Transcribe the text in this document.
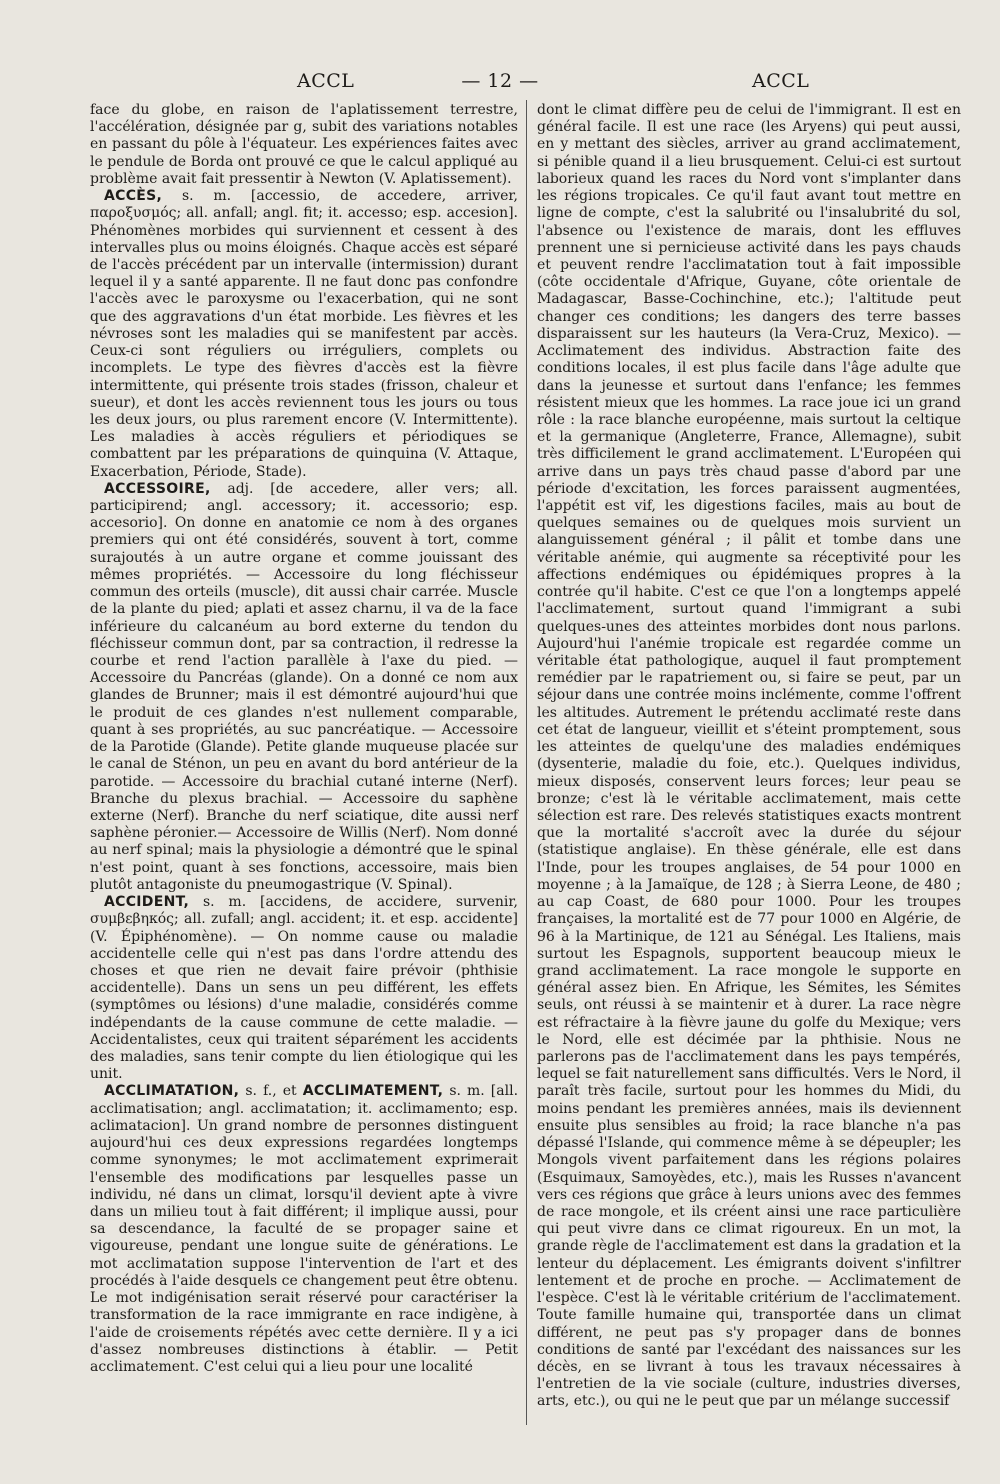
ACCL	— 12 —	ACCL

face du globe, en raison de l'aplatissement terrestre, l'accélération, désignée par g, subit des variations notables en passant du pôle à l'équateur. Les expériences faites avec le pendule de Borda ont prouvé ce que le calcul appliqué au problème avait fait pressentir à Newton (V. Aplatissement).

ACCÈS, s. m. [accessio, de accedere, arriver, παροξυσμός; all. anfall; angl. fit; it. accesso; esp. accesion]. Phénomènes morbides qui surviennent et cessent à des intervalles plus ou moins éloignés. Chaque accès est séparé de l'accès précédent par un intervalle (intermission) durant lequel il y a santé apparente. Il ne faut donc pas confondre l'accès avec le paroxysme ou l'exacerbation, qui ne sont que des aggravations d'un état morbide. Les fièvres et les névroses sont les maladies qui se manifestent par accès. Ceux-ci sont réguliers ou irréguliers, complets ou incomplets. Le type des fièvres d'accès est la fièvre intermittente, qui présente trois stades (frisson, chaleur et sueur), et dont les accès reviennent tous les jours ou tous les deux jours, ou plus rarement encore (V. Intermittente). Les maladies à accès réguliers et périodiques se combattent par les préparations de quinquina (V. Attaque, Exacerbation, Période, Stade).

ACCESSOIRE, adj. [de accedere, aller vers; all. participirend; angl. accessory; it. accessorio; esp. accesorio]. On donne en anatomie ce nom à des organes premiers qui ont été considérés, souvent à tort, comme surajoutés à un autre organe et comme jouissant des mêmes propriétés. — Accessoire du long fléchisseur commun des orteils (muscle), dit aussi chair carrée. Muscle de la plante du pied; aplati et assez charnu, il va de la face inférieure du calcanéum au bord externe du tendon du fléchisseur commun dont, par sa contraction, il redresse la courbe et rend l'action parallèle à l'axe du pied. — Accessoire du Pancréas (glande). On a donné ce nom aux glandes de Brunner; mais il est démontré aujourd'hui que le produit de ces glandes n'est nullement comparable, quant à ses propriétés, au suc pancréatique. — Accessoire de la Parotide (Glande). Petite glande muqueuse placée sur le canal de Sténon, un peu en avant du bord antérieur de la parotide. — Accessoire du brachial cutané interne (Nerf). Branche du plexus brachial. — Accessoire du saphène externe (Nerf). Branche du nerf sciatique, dite aussi nerf saphène péronier.— Accessoire de Willis (Nerf). Nom donné au nerf spinal; mais la physiologie a démontré que le spinal n'est point, quant à ses fonctions, accessoire, mais bien plutôt antagoniste du pneumogastrique (V. Spinal).

ACCIDENT, s. m. [accidens, de accidere, survenir, συμβεβηκός; all. zufall; angl. accident; it. et esp. accidente] (V. Épiphénomène). — On nomme cause ou maladie accidentelle celle qui n'est pas dans l'ordre attendu des choses et que rien ne devait faire prévoir (phthisie accidentelle). Dans un sens un peu différent, les effets (symptômes ou lésions) d'une maladie, considérés comme indépendants de la cause commune de cette maladie. — Accidentalistes, ceux qui traitent séparément les accidents des maladies, sans tenir compte du lien étiologique qui les unit.

ACCLIMATATION, s. f., et ACCLIMATEMENT, s. m. [all. acclimatisation; angl. acclimatation; it. acclimamento; esp. aclimatacion]. Un grand nombre de personnes distinguent aujourd'hui ces deux expressions regardées longtemps comme synonymes; le mot acclimatement exprimerait l'ensemble des modifications par lesquelles passe un individu, né dans un climat, lorsqu'il devient apte à vivre dans un milieu tout à fait différent; il implique aussi, pour sa descendance, la faculté de se propager saine et vigoureuse, pendant une longue suite de générations. Le mot acclimatation suppose l'intervention de l'art et des procédés à l'aide desquels ce changement peut être obtenu. Le mot indigénisation serait réservé pour caractériser la transformation de la race immigrante en race indigène, à l'aide de croisements répétés avec cette dernière. Il y a ici d'assez nombreuses distinctions à établir. — Petit acclimatement. C'est celui qui a lieu pour une localité

dont le climat diffère peu de celui de l'immigrant. Il est en général facile. Il est une race (les Aryens) qui peut aussi, en y mettant des siècles, arriver au grand acclimatement, si pénible quand il a lieu brusquement. Celui-ci est surtout laborieux quand les races du Nord vont s'implanter dans les régions tropicales. Ce qu'il faut avant tout mettre en ligne de compte, c'est la salubrité ou l'insalubrité du sol, l'absence ou l'existence de marais, dont les effluves prennent une si pernicieuse activité dans les pays chauds et peuvent rendre l'acclimatation tout à fait impossible (côte occidentale d'Afrique, Guyane, côte orientale de Madagascar, Basse-Cochinchine, etc.); l'altitude peut changer ces conditions; les dangers des terre basses disparaissent sur les hauteurs (la Vera-Cruz, Mexico). — Acclimatement des individus. Abstraction faite des conditions locales, il est plus facile dans l'âge adulte que dans la jeunesse et surtout dans l'enfance; les femmes résistent mieux que les hommes. La race joue ici un grand rôle : la race blanche européenne, mais surtout la celtique et la germanique (Angleterre, France, Allemagne), subit très difficilement le grand acclimatement. L'Européen qui arrive dans un pays très chaud passe d'abord par une période d'excitation, les forces paraissent augmentées, l'appétit est vif, les digestions faciles, mais au bout de quelques semaines ou de quelques mois survient un alanguissement général ; il pâlit et tombe dans une véritable anémie, qui augmente sa réceptivité pour les affections endémiques ou épidémiques propres à la contrée qu'il habite. C'est ce que l'on a longtemps appelé l'acclimatement, surtout quand l'immigrant a subi quelques-unes des atteintes morbides dont nous parlons. Aujourd'hui l'anémie tropicale est regardée comme un véritable état pathologique, auquel il faut promptement remédier par le rapatriement ou, si faire se peut, par un séjour dans une contrée moins inclémente, comme l'offrent les altitudes. Autrement le prétendu acclimaté reste dans cet état de langueur, vieillit et s'éteint promptement, sous les atteintes de quelqu'une des maladies endémiques (dysenterie, maladie du foie, etc.). Quelques individus, mieux disposés, conservent leurs forces; leur peau se bronze; c'est là le véritable acclimatement, mais cette sélection est rare. Des relevés statistiques exacts montrent que la mortalité s'accroît avec la durée du séjour (statistique anglaise). En thèse générale, elle est dans l'Inde, pour les troupes anglaises, de 54 pour 1000 en moyenne ; à la Jamaïque, de 128 ; à Sierra Leone, de 480 ; au cap Coast, de 680 pour 1000. Pour les troupes françaises, la mortalité est de 77 pour 1000 en Algérie, de 96 à la Martinique, de 121 au Sénégal. Les Italiens, mais surtout les Espagnols, supportent beaucoup mieux le grand acclimatement. La race mongole le supporte en général assez bien. En Afrique, les Sémites, les Sémites seuls, ont réussi à se maintenir et à durer. La race nègre est réfractaire à la fièvre jaune du golfe du Mexique; vers le Nord, elle est décimée par la phthisie. Nous ne parlerons pas de l'acclimatement dans les pays tempérés, lequel se fait naturellement sans difficultés. Vers le Nord, il paraît très facile, surtout pour les hommes du Midi, du moins pendant les premières années, mais ils deviennent ensuite plus sensibles au froid; la race blanche n'a pas dépassé l'Islande, qui commence même à se dépeupler; les Mongols vivent parfaitement dans les régions polaires (Esquimaux, Samoyèdes, etc.), mais les Russes n'avancent vers ces régions que grâce à leurs unions avec des femmes de race mongole, et ils créent ainsi une race particulière qui peut vivre dans ce climat rigoureux. En un mot, la grande règle de l'acclimatement est dans la gradation et la lenteur du déplacement. Les émigrants doivent s'infiltrer lentement et de proche en proche. — Acclimatement de l'espèce. C'est là le véritable critérium de l'acclimatement. Toute famille humaine qui, transportée dans un climat différent, ne peut pas s'y propager dans de bonnes conditions de santé par l'excédant des naissances sur les décès, en se livrant à tous les travaux nécessaires à l'entretien de la vie sociale (culture, industries diverses, arts, etc.), ou qui ne le peut que par un mélange successif
